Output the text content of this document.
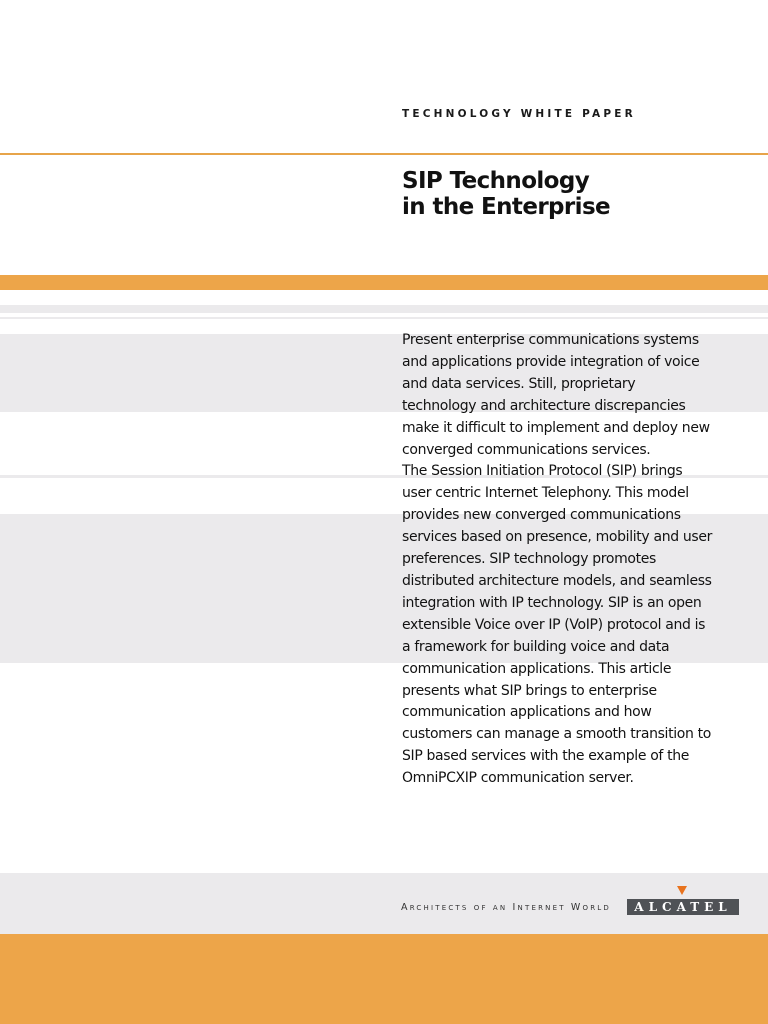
TECHNOLOGY WHITE PAPER
SIP Technology
in the Enterprise

Present enterprise communications systems and applications provide integration of voice and data services. Still, proprietary technology and architecture discrepancies make it difficult to implement and deploy new converged communications services.

The Session Initiation Protocol (SIP) brings user centric Internet Telephony. This model provides new converged communications services based on presence, mobility and user preferences. SIP technology promotes distributed architecture models, and seamless integration with IP technology. SIP is an open extensible Voice over IP (VoIP) protocol and is a framework for building voice and data communication applications. This article presents what SIP brings to enterprise communication applications and how customers can manage a smooth transition to SIP based services with the example of the OmniPCXIP communication server.

Architects of an Internet World	ALCATEL
